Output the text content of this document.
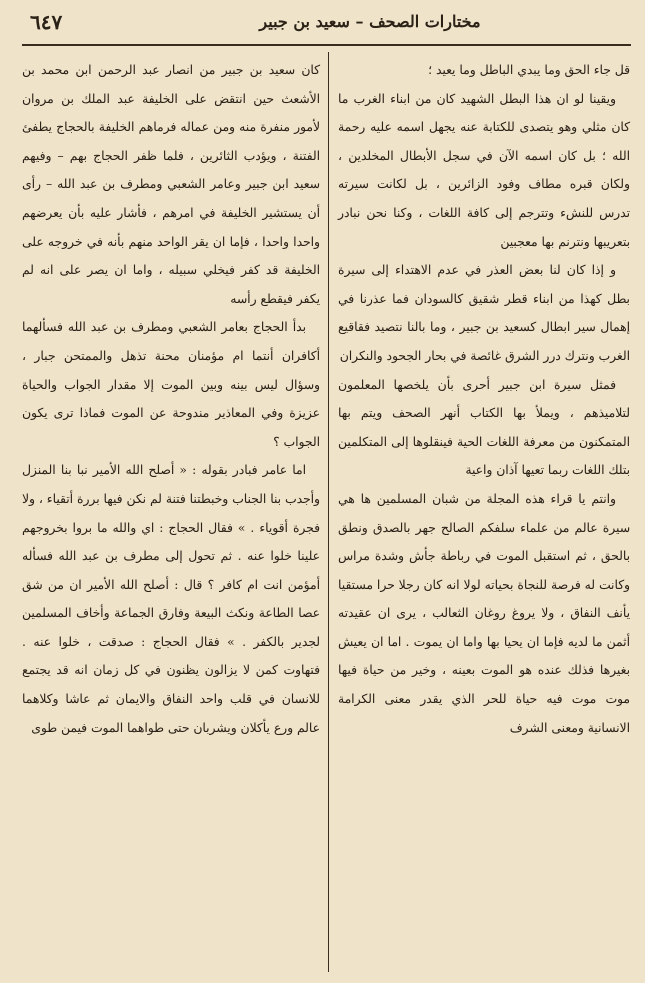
٦٤٧	مختارات الصحف – سعيد بن جبير

قل جاء الحق وما يبدي الباطل وما يعيد ؛

ويقينا لو ان هذا البطل الشهيد كان من ابناء الغرب ما كان مثلي وهو يتصدى للكتابة عنه يجهل اسمه عليه رحمة الله ؛ بل كان اسمه الآن في سجل الأبطال المخلدين ، ولكان قبره مطاف وفود الزائرين ، بل لكانت سيرته تدرس للنشء وتترجم إلى كافة اللغات ، وكنا نحن نبادر بتعريبها ونترنم بها معجبين

و إذا كان لنا بعض العذر في عدم الاهتداء إلى سيرة بطل كهذا من ابناء قطر شقيق كالسودان فما عذرنا في إهمال سير ابطال كسعيد بن جبير ، وما بالنا نتصيد فقاقيع الغرب ونترك درر الشرق غائصة في بحار الجحود والنكران

فمثل سيرة ابن جبير أحرى بأن يلخصها المعلمون لتلاميذهم ، ويملأ بها الكتاب أنهر الصحف ويتم بها المتمكنون من معرفة اللغات الحية فينقلوها إلى المتكلمين بتلك اللغات ربما تعيها آذان واعية

وانتم يا قراء هذه المجلة من شبان المسلمين ها هي سيرة عالم من علماء سلفكم الصالح جهر بالصدق ونطق بالحق ، ثم استقبل الموت في رباطة جأش وشدة مراس وكانت له فرصة للنجاة بحياته لولا انه كان رجلا حرا مستقيا يأنف النفاق ، ولا يروغ روغان الثعالب ، يرى ان عقيدته أثمن ما لديه فإما ان يحيا بها واما ان يموت . اما ان يعيش بغيرها فذلك عنده هو الموت بعينه ، وخير من حياة فيها موت موت فيه حياة للحر الذي يقدر معنى الكرامة الانسانية ومعنى الشرف

كان سعيد بن جبير من انصار عبد الرحمن ابن محمد بن الأشعث حين انتقض على الخليفة عبد الملك بن مروان لأمور منفرة منه ومن عماله فرماهم الخليفة بالحجاج يطفئ الفتنة ، ويؤدب الثائرين ، فلما ظفر الحجاج بهم – وفيهم سعيد ابن جبير وعامر الشعبي ومطرف بن عبد الله – رأى أن يستشير الخليفة في امرهم ، فأشار عليه بأن يعرضهم واحدا واحدا ، فإما ان يقر الواحد منهم بأنه في خروجه على الخليفة قد كفر فيخلي سبيله ، واما ان يصر على انه لم يكفر فيقطع رأسه

بدأ الحجاج بعامر الشعبي ومطرف بن عبد الله فسألهما أكافران أنتما ام مؤمنان محنة تذهل والممتحن جبار ، وسؤال ليس بينه وبين الموت إلا مقدار الجواب والحياة عزيزة وفي المعاذير مندوحة عن الموت فماذا ترى يكون الجواب ؟

اما عامر فبادر بقوله : « أصلح الله الأمير نبا بنا المنزل وأجدب بنا الجناب وخبطتنا فتنة لم نكن فيها بررة أتقياء ، ولا فجرة أقوياء . » فقال الحجاج : اي والله ما بروا بخروجهم علينا خلوا عنه . ثم تحول إلى مطرف بن عبد الله فسأله أمؤمن انت ام كافر ؟ قال : أصلح الله الأمير ان من شق عصا الطاعة ونكث البيعة وفارق الجماعة وأخاف المسلمين لجدير بالكفر . » فقال الحجاج : صدقت ، خلوا عنه . فتهاوت كمن لا يزالون يظنون في كل زمان انه قد يجتمع للانسان في قلب واحد النفاق والايمان ثم عاشا وكلاهما عالم ورع يأكلان ويشربان حتى طواهما الموت فيمن طوى
